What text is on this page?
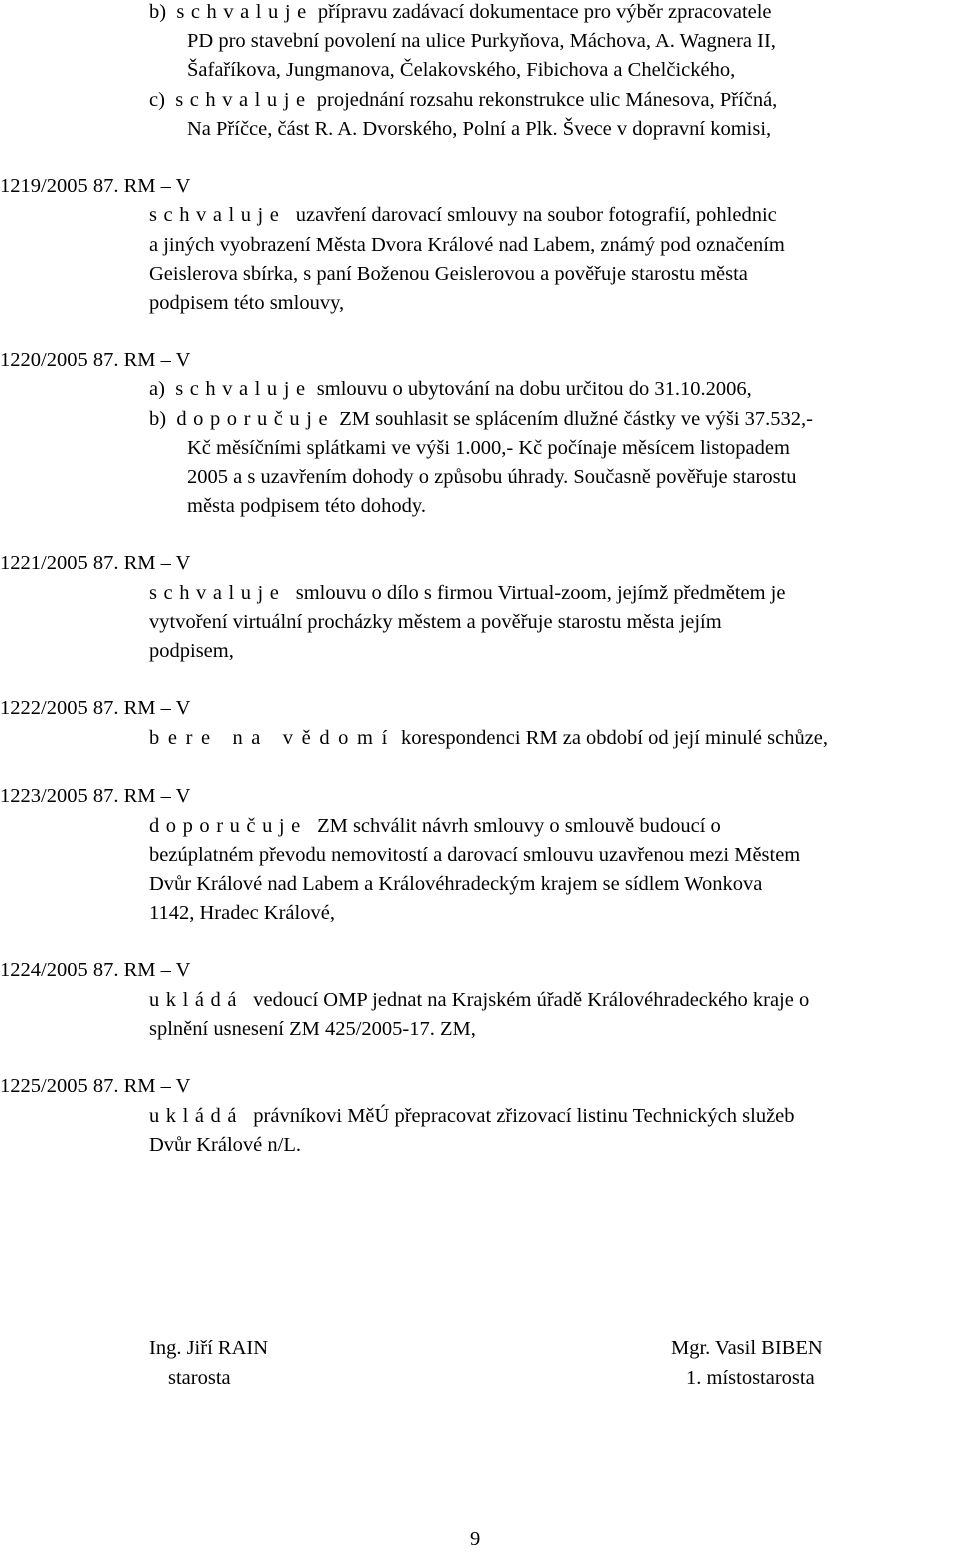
b) schvaluje přípravu zadávací dokumentace pro výběr zpracovatele
PD pro stavební povolení na ulice Purkyňova, Máchova, A. Wagnera II,
Šafaříkova, Jungmanova, Čelakovského, Fibichova a Chelčického,
c) schvaluje projednání rozsahu rekonstrukce ulic Mánesova, Příčná,
Na Příčce, část R. A. Dvorského, Polní a Plk. Švece v dopravní komisi,
1219/2005 87. RM – V
schvaluje uzavření darovací smlouvy na soubor fotografií, pohlednic
a jiných vyobrazení Města Dvora Králové nad Labem, známý pod označením
Geislerova sbírka, s paní Boženou Geislerovou a pověřuje starostu města
podpisem této smlouvy,
1220/2005 87. RM – V
a) schvaluje smlouvu o ubytování na dobu určitou do 31.10.2006,
b) doporučuje ZM souhlasit se splácením dlužné částky ve výši 37.532,-
Kč měsíčními splátkami ve výši 1.000,- Kč počínaje měsícem listopadem
2005 a s uzavřením dohody o způsobu úhrady. Současně pověřuje starostu
města podpisem této dohody.
1221/2005 87. RM – V
schvaluje smlouvu o dílo s firmou Virtual-zoom, jejímž předmětem je
vytvoření virtuální procházky městem a pověřuje starostu města jejím
podpisem,
1222/2005 87. RM – V
bere na vědomí korespondenci RM za období od její minulé schůze,
1223/2005 87. RM – V
doporučuje ZM schválit návrh smlouvy o smlouvě budoucí o
bezúplatném převodu nemovitostí a darovací smlouvu uzavřenou mezi Městem
Dvůr Králové nad Labem a Královéhradeckým krajem se sídlem Wonkova
1142, Hradec Králové,
1224/2005 87. RM – V
ukládá vedoucí OMP jednat na Krajském úřadě Královéhradeckého kraje o
splnění usnesení ZM 425/2005-17. ZM,
1225/2005 87. RM – V
ukládá právníkovi MěÚ přepracovat zřizovací listinu Technických služeb
Dvůr Králové n/L.
Ing. Jiří RAIN
starosta
Mgr. Vasil BIBEN
1. místostarosta
9
